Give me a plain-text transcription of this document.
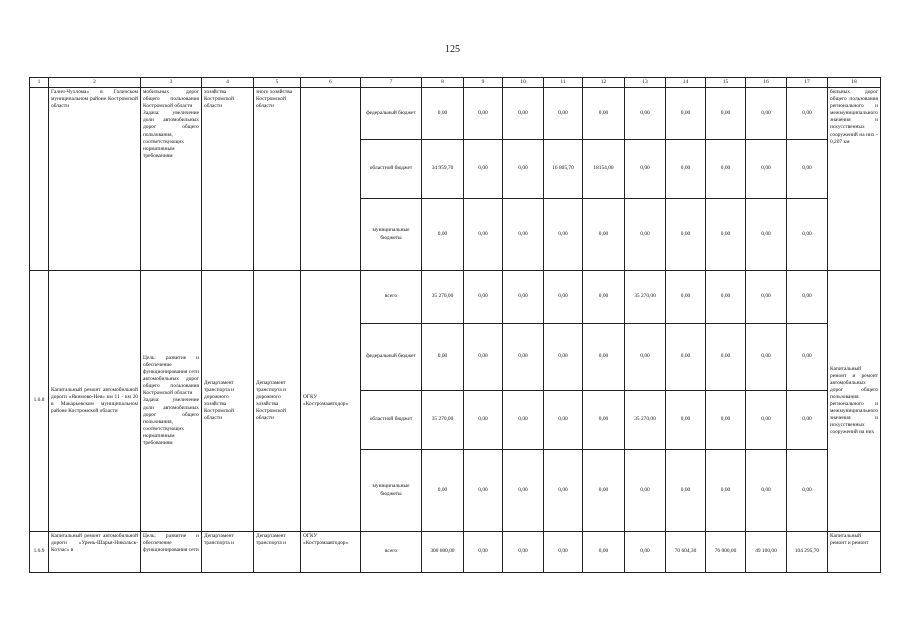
125
1	2	3	4	5	6	7	8	9	10	11	12	13	14	15	16	17	18
	Галич-Чухлома» в Галичском муниципальном районе Костромской области	мобильных дорог общего пользования Костромской области
Задача: увеличение доли автомобильных дорог общего пользования, соответствующих нормативным требованиям	хозяйства Костромской области	зного хозяйства Костромской области		федеральный бюджет	0,00	0,00	0,00	0,00	0,00	0,00	0,00	0,00	0,00	0,00	бильных дорог общего пользования регионального и межмуниципального значения и искусственных сооружений на них - 0,207 км
						областной бюджет	34 959,70	0,00	0,00	16 805,70	18154,00	0,00	0,00	0,00	0,00	0,00	
						муниципальные бюджеты	0,00	0,00	0,00	0,00	0,00	0,00	0,00	0,00	0,00	0,00	
1.6.8	Капитальный ремонт автомобильной дороги «Якимово-Нея» км 11 - км 20 в Макарьевском муниципальном районе Костромской области	Цель: развитие и обеспечение функционирования сети автомобильных дорог общего пользования Костромской области
Задача: увеличение доли автомобильных дорог общего пользования, соответствующих нормативным требованиям	Департамент транспорта и дорожного хозяйства Костромской области	Департамент транспорта и дорожного хозяйства Костромской области	ОГКУ «Костромаавтодор»	всего	35 270,00	0,00	0,00	0,00	0,00	35 270,00	0,00	0,00	0,00	0,00	Капитальный ремонт и ремонт автомобильных дорог общего пользования регионального и межмуниципального значения и искусственных сооружений на них
						федеральный бюджет	0,00	0,00	0,00	0,00	0,00	0,00	0,00	0,00	0,00	0,00	
						областной бюджет	35 270,00	0,00	0,00	0,00	0,00	35 270,00	0,00	0,00	0,00	0,00	
						муниципальные бюджеты	0,00	0,00	0,00	0,00	0,00	0,00	0,00	0,00	0,00	0,00	
1.6.9	Капитальный ремонт автомобильной дороги «Урень-Шарья-Никольск-Котлас» в	Цель: развитие и обеспечение функционирования сети	Департамент транспорта и	Департамент транспорта и	ОГКУ «Костромаавтодор»	всего	300 000,00	0,00	0,00	0,00	0,00	0,00	70 604,30	76 000,00	49 100,00	104 295,70	Капитальный ремонт и ремонт
